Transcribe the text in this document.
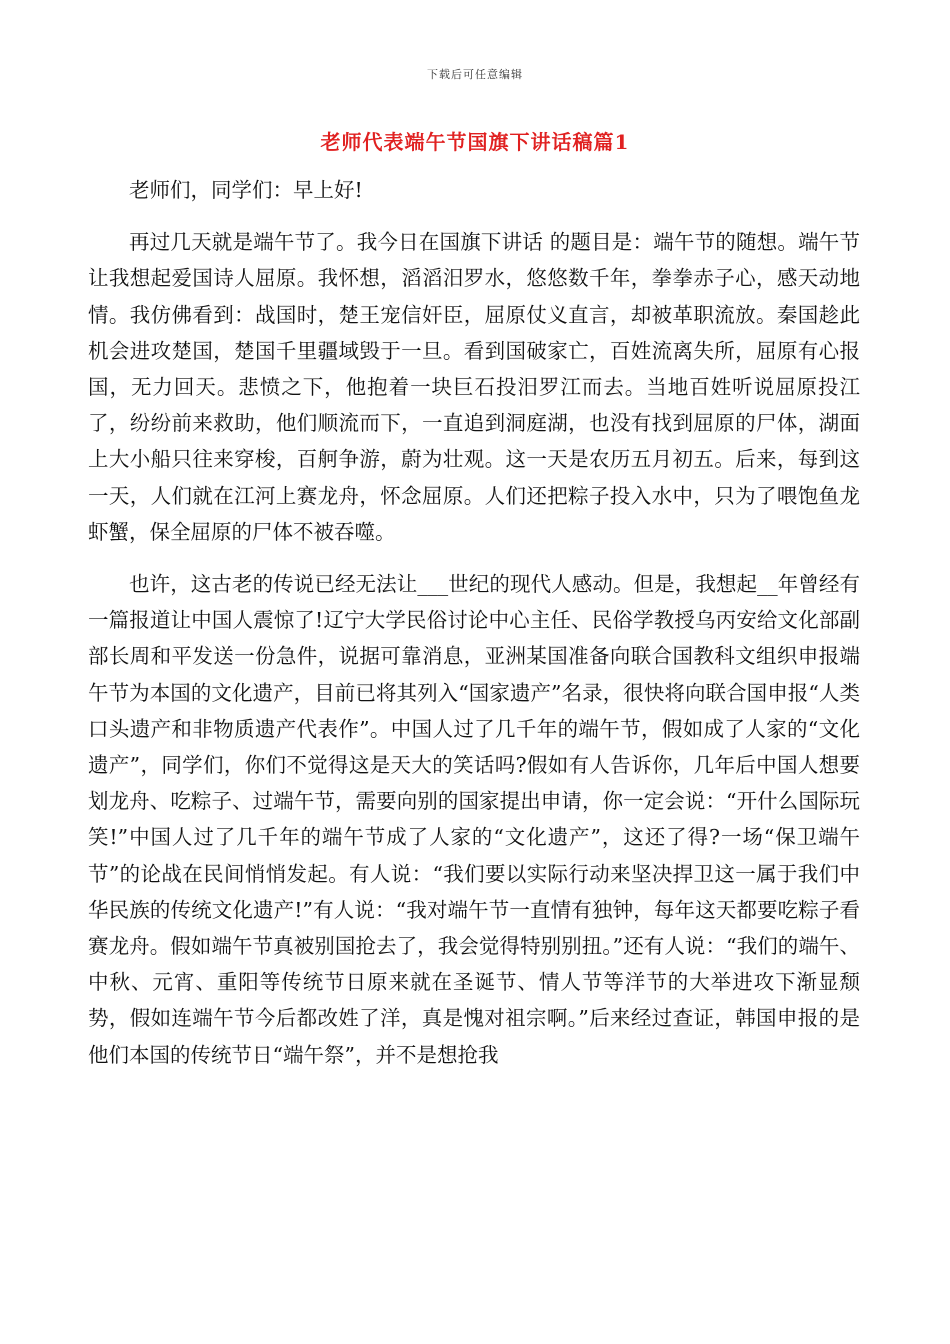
下载后可任意编辑
老师代表端午节国旗下讲话稿篇1

老师们，同学们：早上好!

再过几天就是端午节了。我今日在国旗下讲话 的题目是：端午节的随想。端午节让我想起爱国诗人屈原。我怀想，滔滔汨罗水，悠悠数千年，拳拳赤子心，感天动地情。我仿佛看到：战国时，楚王宠信奸臣，屈原仗义直言，却被革职流放。秦国趁此机会进攻楚国，楚国千里疆域毁于一旦。看到国破家亡，百姓流离失所，屈原有心报国，无力回天。悲愤之下，他抱着一块巨石投汨罗江而去。当地百姓听说屈原投江了，纷纷前来救助，他们顺流而下，一直追到洞庭湖，也没有找到屈原的尸体，湖面上大小船只往来穿梭，百舸争游，蔚为壮观。这一天是农历五月初五。后来，每到这一天，人们就在江河上赛龙舟，怀念屈原。人们还把粽子投入水中，只为了喂饱鱼龙虾蟹，保全屈原的尸体不被吞噬。

也许，这古老的传说已经无法让___世纪的现代人感动。但是，我想起__年曾经有一篇报道让中国人震惊了!辽宁大学民俗讨论中心主任、民俗学教授乌丙安给文化部副部长周和平发送一份急件，说据可靠消息，亚洲某国准备向联合国教科文组织申报端午节为本国的文化遗产，目前已将其列入“国家遗产”名录，很快将向联合国申报“人类口头遗产和非物质遗产代表作”。中国人过了几千年的端午节，假如成了人家的“文化遗产”，同学们，你们不觉得这是天大的笑话吗?假如有人告诉你，几年后中国人想要划龙舟、吃粽子、过端午节，需要向别的国家提出申请，你一定会说：“开什么国际玩笑!”中国人过了几千年的端午节成了人家的“文化遗产”，这还了得?一场“保卫端午节”的论战在民间悄悄发起。有人说：“我们要以实际行动来坚决捍卫这一属于我们中华民族的传统文化遗产!”有人说：“我对端午节一直情有独钟，每年这天都要吃粽子看赛龙舟。假如端午节真被别国抢去了，我会觉得特别别扭。”还有人说：“我们的端午、中秋、元宵、重阳等传统节日原来就在圣诞节、情人节等洋节的大举进攻下渐显颓势，假如连端午节今后都改姓了洋，真是愧对祖宗啊。”后来经过查证，韩国申报的是他们本国的传统节日“端午祭”，并不是想抢我
